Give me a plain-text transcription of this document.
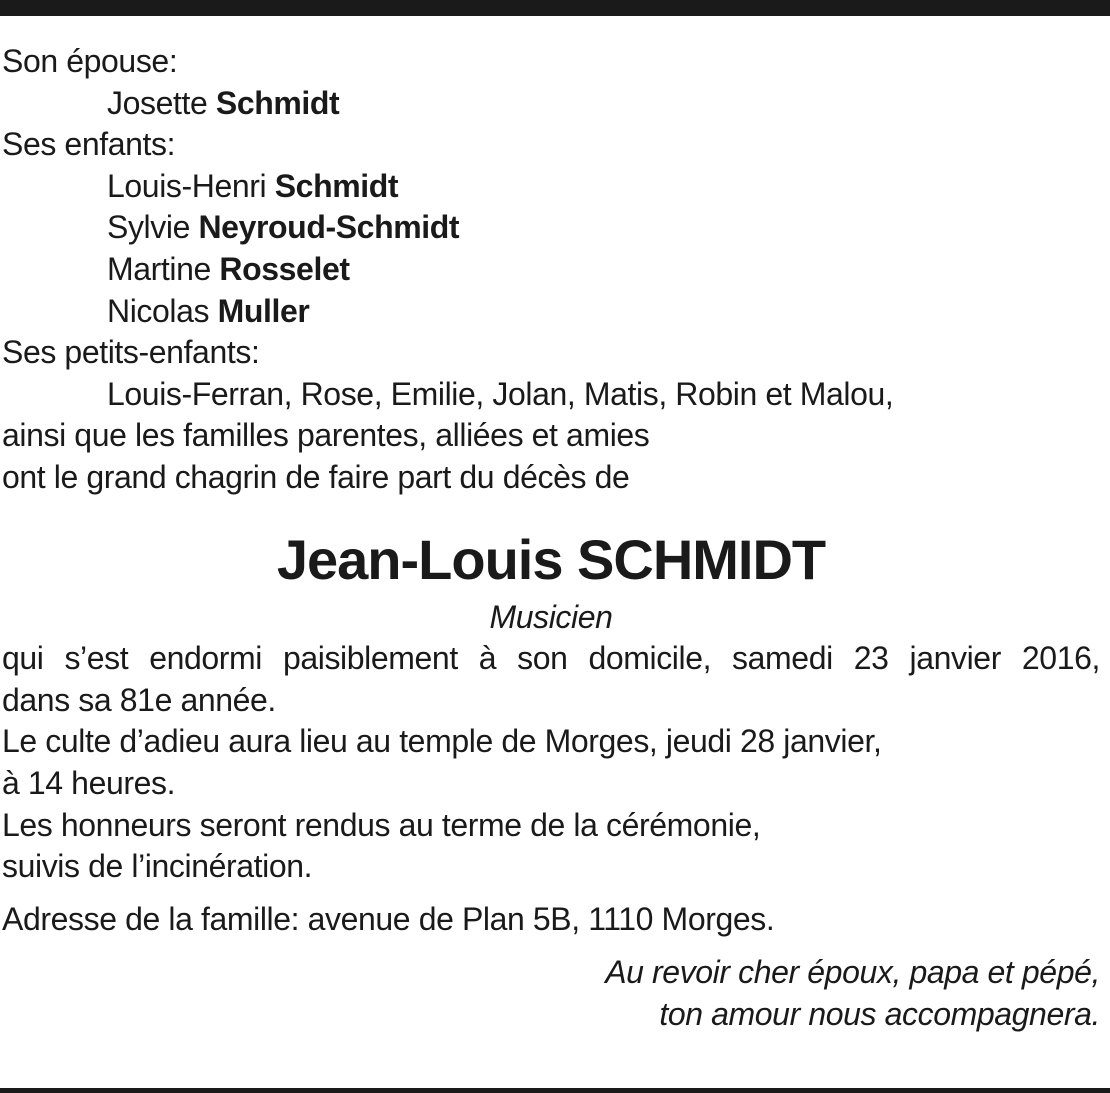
Son épouse:
Josette Schmidt
Ses enfants:
Louis-Henri Schmidt
Sylvie Neyroud-Schmidt
Martine Rosselet
Nicolas Muller
Ses petits-enfants:
Louis-Ferran, Rose, Emilie, Jolan, Matis, Robin et Malou,
ainsi que les familles parentes, alliées et amies
ont le grand chagrin de faire part du décès de
Jean-Louis SCHMIDT
Musicien
qui s’est endormi paisiblement à son domicile, samedi 23 janvier 2016,
dans sa 81e année.
Le culte d’adieu aura lieu au temple de Morges, jeudi 28 janvier,
à 14 heures.
Les honneurs seront rendus au terme de la cérémonie,
suivis de l’incinération.
Adresse de la famille: avenue de Plan 5B, 1110 Morges.
Au revoir cher époux, papa et pépé,
ton amour nous accompagnera.
